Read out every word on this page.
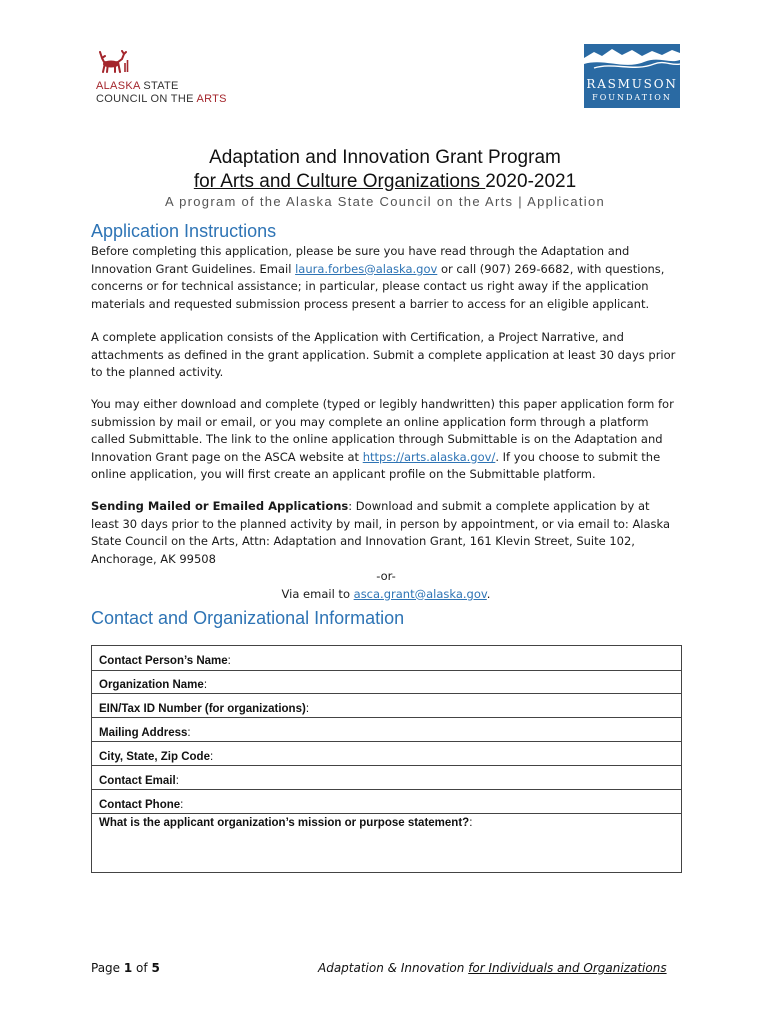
ALASKA STATE
COUNCIL ON THE ARTS
RASMUSON
FOUNDATION
Adaptation and Innovation Grant Program
for Arts and Culture Organizations 2020-2021
A program of the Alaska State Council on the Arts | Application
Application Instructions
Before completing this application, please be sure you have read through the Adaptation and Innovation Grant Guidelines. Email laura.forbes@alaska.gov or call (907) 269-6682, with questions, concerns or for technical assistance; in particular, please contact us right away if the application materials and requested submission process present a barrier to access for an eligible applicant.
A complete application consists of the Application with Certification, a Project Narrative, and attachments as defined in the grant application. Submit a complete application at least 30 days prior to the planned activity.
You may either download and complete (typed or legibly handwritten) this paper application form for submission by mail or email, or you may complete an online application form through a platform called Submittable. The link to the online application through Submittable is on the Adaptation and Innovation Grant page on the ASCA website at https://arts.alaska.gov/. If you choose to submit the online application, you will first create an applicant profile on the Submittable platform.
Sending Mailed or Emailed Applications: Download and submit a complete application by at least 30 days prior to the planned activity by mail, in person by appointment, or via email to: Alaska State Council on the Arts, Attn: Adaptation and Innovation Grant, 161 Klevin Street, Suite 102, Anchorage, AK 99508
-or-
Via email to asca.grant@alaska.gov.
Contact and Organizational Information
Contact Person’s Name:
Organization Name:
EIN/Tax ID Number (for organizations):
Mailing Address:
City, State, Zip Code:
Contact Email:
Contact Phone:
What is the applicant organization’s mission or purpose statement?:
Page 1 of 5	Adaptation & Innovation for Individuals and Organizations
